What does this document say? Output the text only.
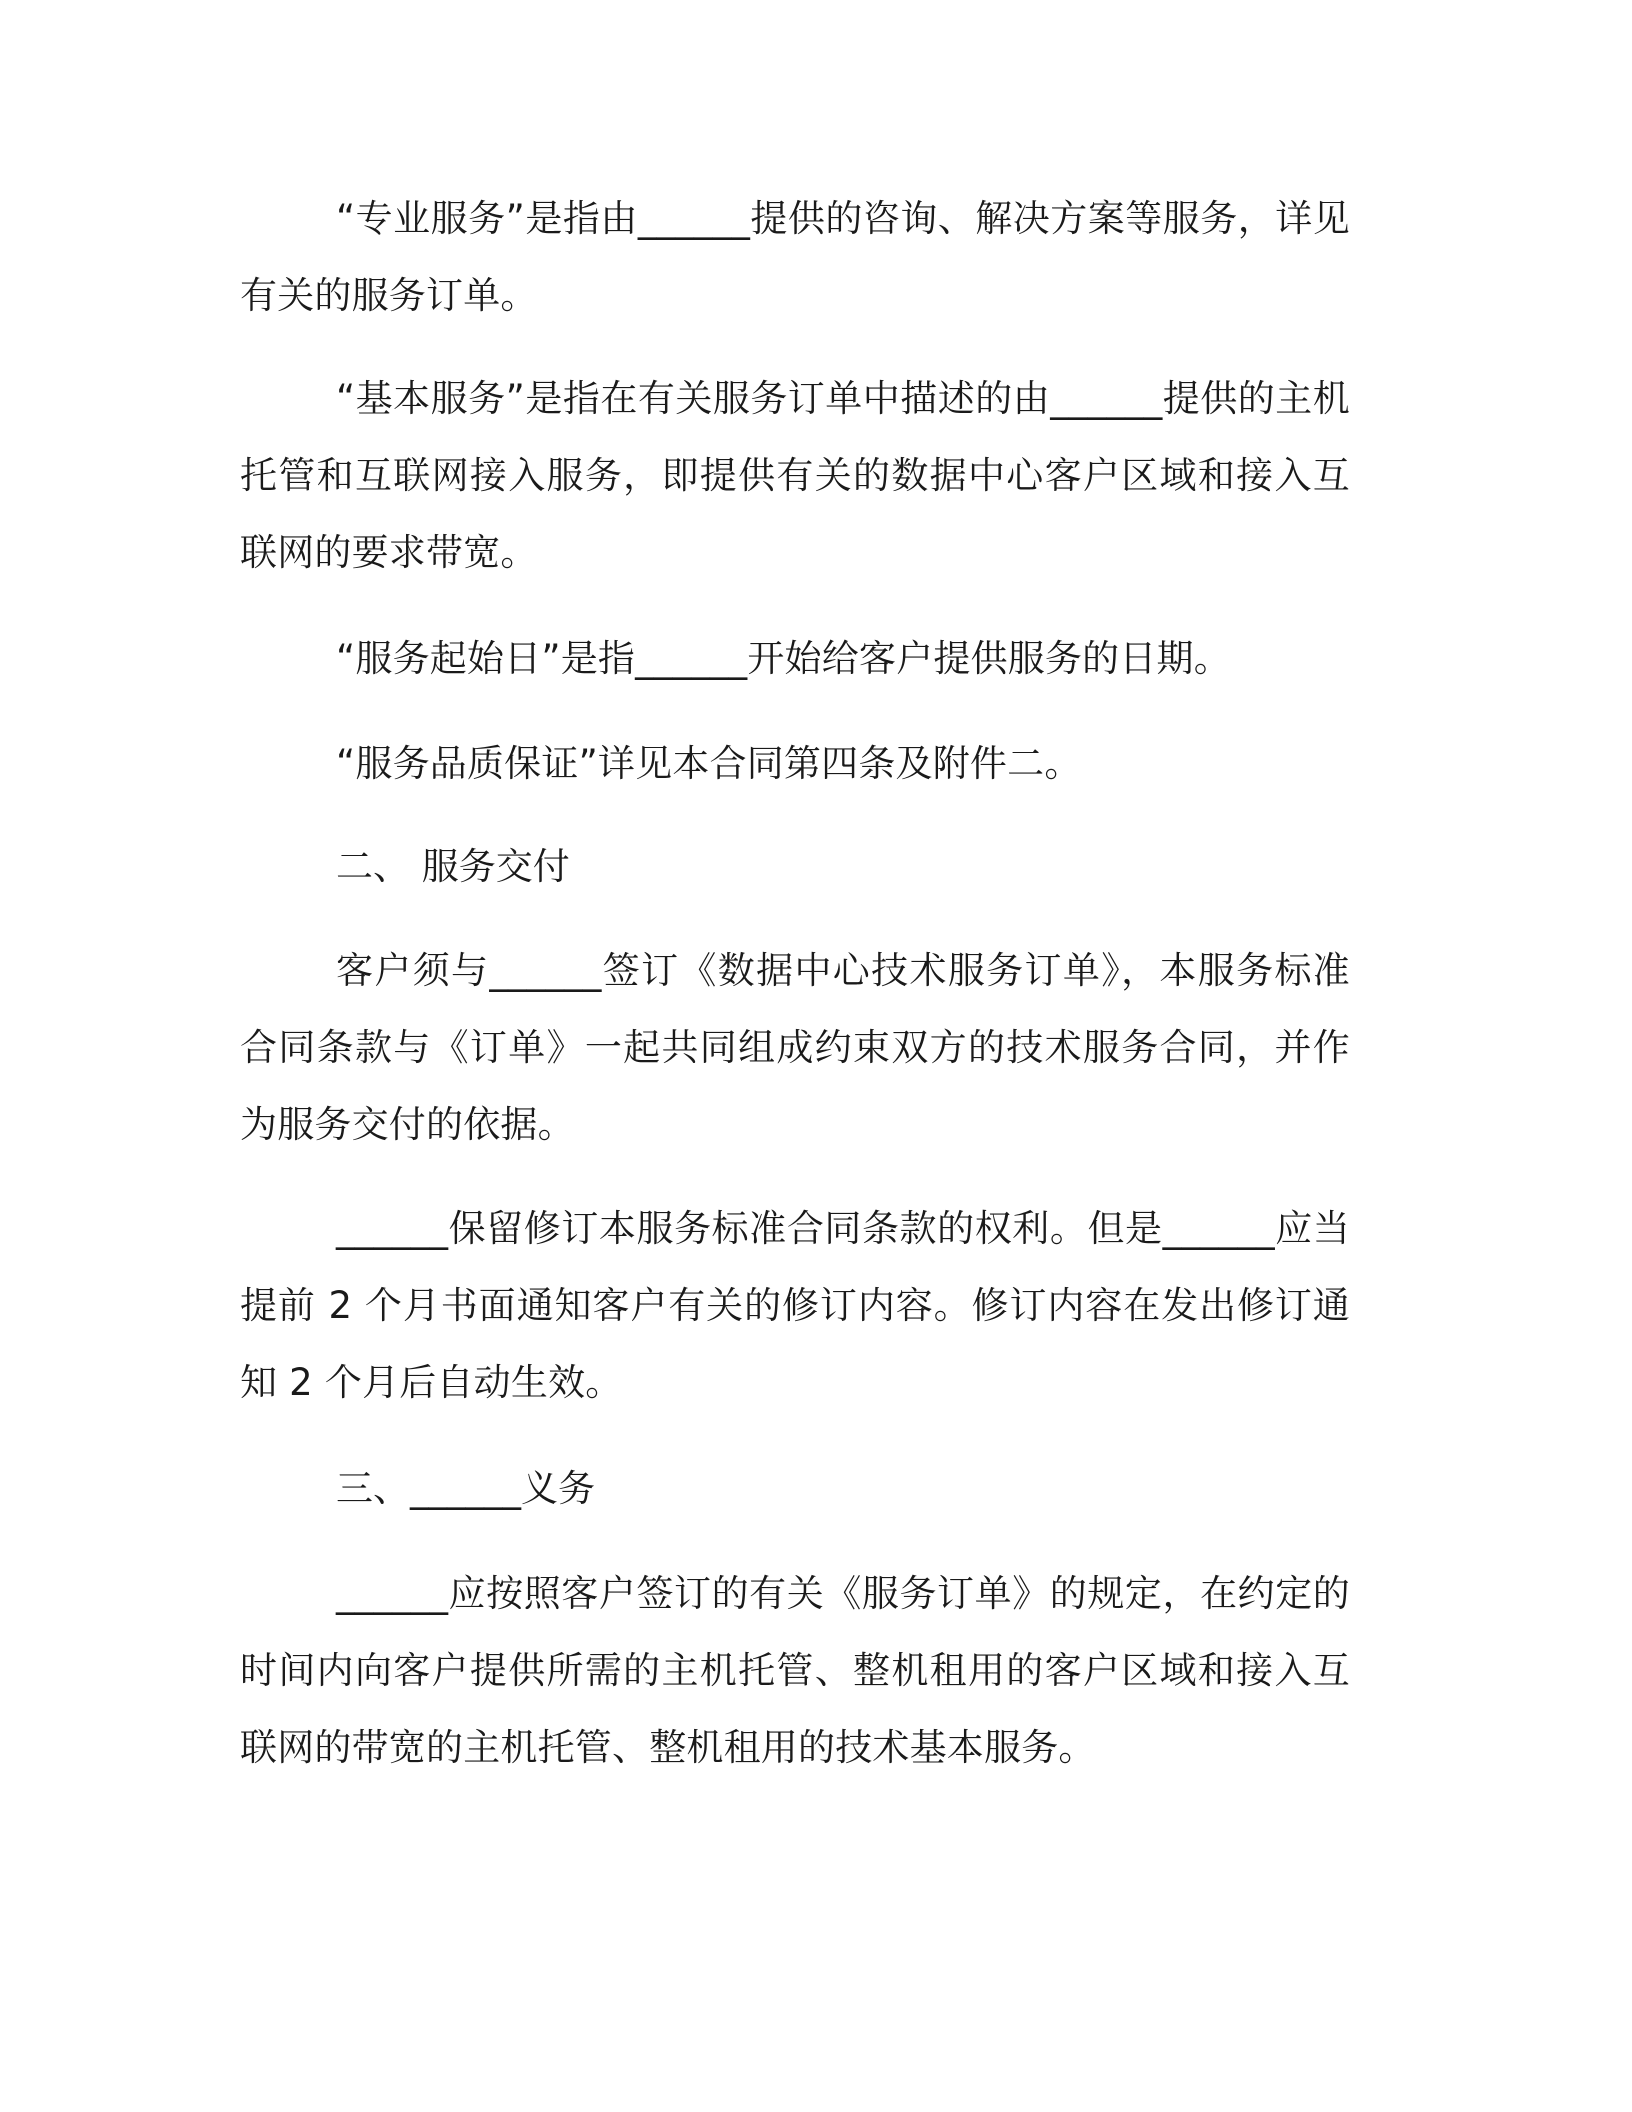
“专业服务”是指由______提供的咨询、解决方案等服务，详见有关的服务订单。

“基本服务”是指在有关服务订单中描述的由______提供的主机托管和互联网接入服务，即提供有关的数据中心客户区域和接入互联网的要求带宽。

“服务起始日”是指______开始给客户提供服务的日期。

“服务品质保证”详见本合同第四条及附件二。

二、 服务交付

客户须与______签订《数据中心技术服务订单》，本服务标准合同条款与《订单》一起共同组成约束双方的技术服务合同，并作为服务交付的依据。

______保留修订本服务标准合同条款的权利。但是______应当提前 2 个月书面通知客户有关的修订内容。修订内容在发出修订通知 2 个月后自动生效。

三、______义务

______应按照客户签订的有关《服务订单》的规定，在约定的时间内向客户提供所需的主机托管、整机租用的客户区域和接入互联网的带宽的主机托管、整机租用的技术基本服务。
